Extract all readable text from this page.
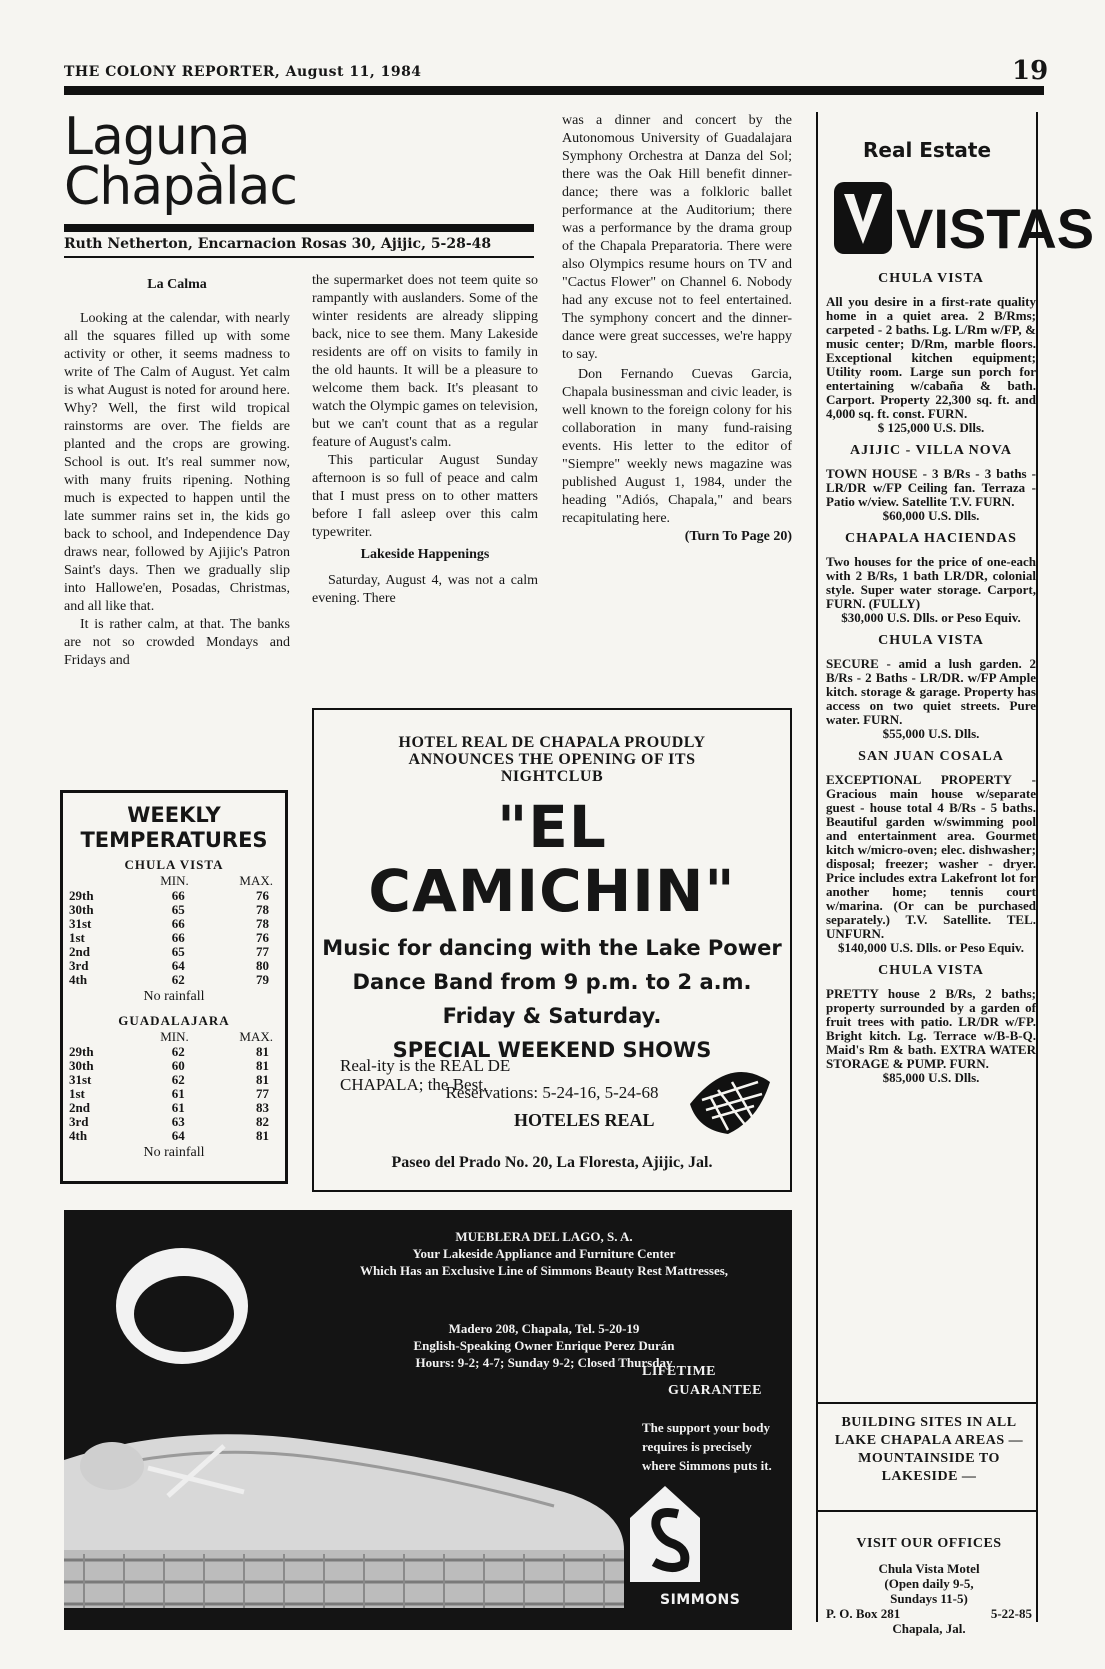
THE COLONY REPORTER, August 11, 1984	19
Laguna
Chapàlac
Ruth Netherton, Encarnacion Rosas 30, Ajijic, 5-28-48
La Calma

Looking at the calendar, with nearly all the squares filled up with some activity or other, it seems madness to write of The Calm of August. Yet calm is what August is noted for around here. Why? Well, the first wild tropical rainstorms are over. The fields are planted and the crops are growing. School is out. It's real summer now, with many fruits ripening. Nothing much is expected to happen until the late summer rains set in, the kids go back to school, and Independence Day draws near, followed by Ajijic's Patron Saint's days. Then we gradually slip into Hallowe'en, Posadas, Christmas, and all like that.

It is rather calm, at that. The banks are not so crowded Mondays and Fridays and

the supermarket does not teem quite so rampantly with auslanders. Some of the winter residents are already slipping back, nice to see them. Many Lakeside residents are off on visits to family in the old haunts. It will be a pleasure to welcome them back. It's pleasant to watch the Olympic games on television, but we can't count that as a regular feature of August's calm.

This particular August Sunday afternoon is so full of peace and calm that I must press on to other matters before I fall asleep over this calm typewriter.

Lakeside Happenings

Saturday, August 4, was not a calm evening. There

was a dinner and concert by the Autonomous University of Guadalajara Symphony Orchestra at Danza del Sol; there was the Oak Hill benefit dinner-dance; there was a folkloric ballet performance at the Auditorium; there was a performance by the drama group of the Chapala Preparatoria. There were also Olympics resume hours on TV and "Cactus Flower" on Channel 6. Nobody had any excuse not to feel entertained. The symphony concert and the dinner-dance were great successes, we're happy to say.

Don Fernando Cuevas Garcia, Chapala businessman and civic leader, is well known to the foreign colony for his collaboration in many fund-raising events. His letter to the editor of "Siempre" weekly news magazine was published August 1, 1984, under the heading "Adiós, Chapala," and bears recapitulating here.

(Turn To Page 20)
WEEKLY TEMPERATURES
CHULA VISTA
	MIN.	MAX.
29th	66	76
30th	65	78
31st	66	78
1st	66	76
2nd	65	77
3rd	64	80
4th	62	79
No rainfall
GUADALAJARA
	MIN.	MAX.
29th	62	81
30th	60	81
31st	62	81
1st	61	77
2nd	61	83
3rd	63	82
4th	64	81
No rainfall
HOTEL REAL DE CHAPALA PROUDLY
ANNOUNCES THE OPENING OF ITS
NIGHTCLUB
"EL CAMICHIN"
Music for dancing with the Lake Power
Dance Band from 9 p.m. to 2 a.m.
Friday & Saturday.
SPECIAL WEEKEND SHOWS
Reservations: 5-24-16, 5-24-68
Real-ity is the REAL DE
CHAPALA; the Best.
HOTELES REAL
Paseo del Prado No. 20, La Floresta, Ajijic, Jal.
MUEBLERA DEL LAGO, S. A.
Your Lakeside Appliance and Furniture Center
Which Has an Exclusive Line of Simmons Beauty Rest Mattresses,
Madero 208, Chapala, Tel. 5-20-19
English-Speaking Owner Enrique Perez Durán
Hours: 9-2; 4-7; Sunday 9-2; Closed Thursday
LIFETIME
GUARANTEE
The support your body requires is precisely where Simmons puts it.
SIMMONS
Real Estate
VISTAS
CHULA VISTA
All you desire in a first-rate quality home in a quiet area. 2 B/Rms; carpeted - 2 baths. Lg. L/Rm w/FP, & music center; D/Rm, marble floors. Exceptional kitchen equipment; Utility room. Large sun porch for entertaining w/cabaña & bath. Carport. Property 22,300 sq. ft. and 4,000 sq. ft. const. FURN.
$ 125,000 U.S. Dlls.
AJIJIC - VILLA NOVA
TOWN HOUSE - 3 B/Rs - 3 baths - LR/DR w/FP Ceiling fan. Terraza - Patio w/view. Satellite T.V. FURN.
$60,000 U.S. Dlls.
CHAPALA HACIENDAS
Two houses for the price of one-each with 2 B/Rs, 1 bath LR/DR, colonial style. Super water storage. Carport, FURN. (FULLY)
$30,000 U.S. Dlls. or Peso Equiv.
CHULA VISTA
SECURE - amid a lush garden. 2 B/Rs - 2 Baths - LR/DR. w/FP Ample kitch. storage & garage. Property has access on two quiet streets. Pure water. FURN.
$55,000 U.S. Dlls.
SAN JUAN COSALA
EXCEPTIONAL PROPERTY - Gracious main house w/separate guest - house total 4 B/Rs - 5 baths. Beautiful garden w/swimming pool and entertainment area. Gourmet kitch w/micro-oven; elec. dishwasher; disposal; freezer; washer - dryer. Price includes extra Lakefront lot for another home; tennis court w/marina. (Or can be purchased separately.) T.V. Satellite. TEL. UNFURN.
$140,000 U.S. Dlls. or Peso Equiv.
CHULA VISTA
PRETTY house 2 B/Rs, 2 baths; property surrounded by a garden of fruit trees with patio. LR/DR w/FP. Bright kitch. Lg. Terrace w/B-B-Q. Maid's Rm & bath. EXTRA WATER STORAGE & PUMP. FURN.
$85,000 U.S. Dlls.
BUILDING SITES IN ALL LAKE CHAPALA AREAS — MOUNTAINSIDE TO LAKESIDE —
VISIT OUR OFFICES
Chula Vista Motel
(Open daily 9-5,
Sundays 11-5)
P. O. Box 281	5-22-85
Chapala, Jal.
